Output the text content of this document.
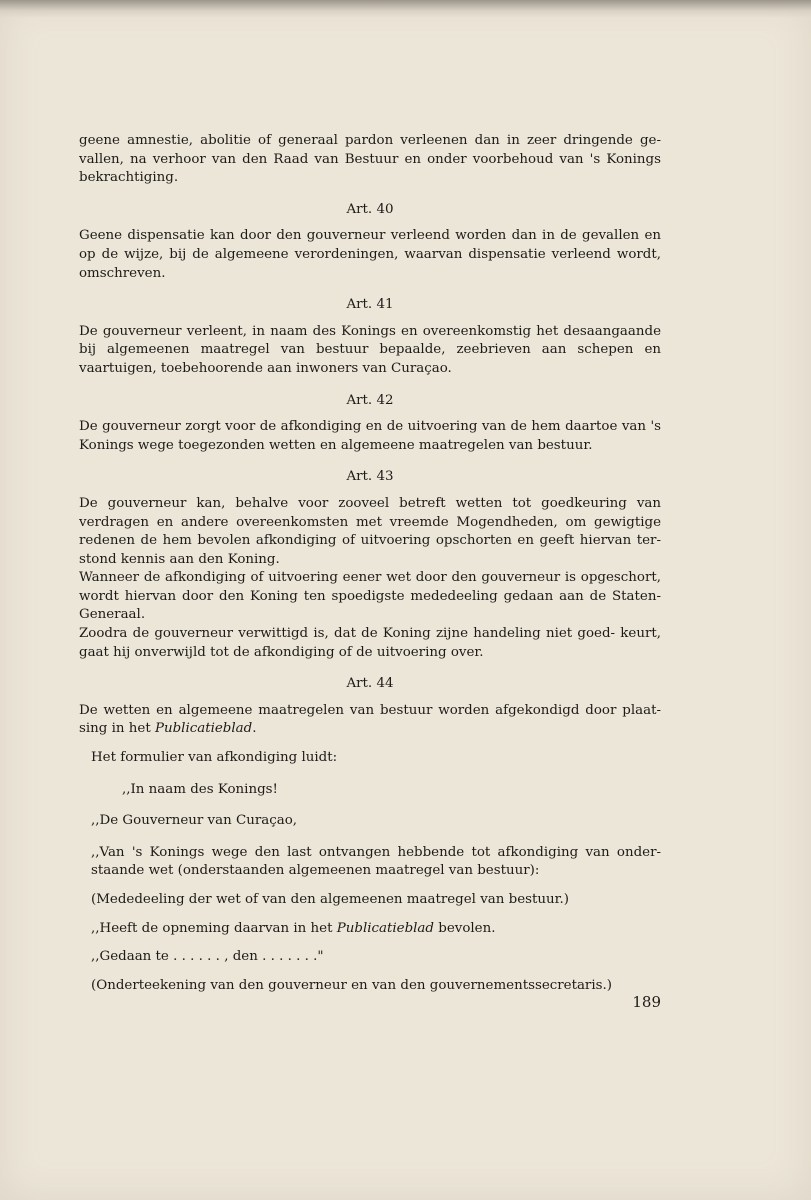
geene amnestie, abolitie of generaal pardon verleenen dan in zeer dringende ge- vallen, na verhoor van den Raad van Bestuur en onder voorbehoud van 's Konings bekrachtiging.

Art. 40

Geene dispensatie kan door den gouverneur verleend worden dan in de gevallen en op de wijze, bij de algemeene verordeningen, waarvan dispensatie verleend wordt, omschreven.

Art. 41

De gouverneur verleent, in naam des Konings en overeenkomstig het desaangaande bij algemeenen maatregel van bestuur bepaalde, zeebrieven aan schepen en vaartuigen, toebehoorende aan inwoners van Curaçao.

Art. 42

De gouverneur zorgt voor de afkondiging en de uitvoering van de hem daartoe van 's Konings wege toegezonden wetten en algemeene maatregelen van bestuur.

Art. 43

De gouverneur kan, behalve voor zooveel betreft wetten tot goedkeuring van verdragen en andere overeenkomsten met vreemde Mogendheden, om gewigtige redenen de hem bevolen afkondiging of uitvoering opschorten en geeft hiervan ter- stond kennis aan den Koning.

Wanneer de afkondiging of uitvoering eener wet door den gouverneur is opgeschort, wordt hiervan door den Koning ten spoedigste mededeeling gedaan aan de Staten- Generaal.

Zoodra de gouverneur verwittigd is, dat de Koning zijne handeling niet goed- keurt, gaat hij onverwijld tot de afkondiging of de uitvoering over.

Art. 44

De wetten en algemeene maatregelen van bestuur worden afgekondigd door plaat- sing in het Publicatieblad.

Het formulier van afkondiging luidt:

,,In naam des Konings!

,,De Gouverneur van Curaçao,

,,Van 's Konings wege den last ontvangen hebbende tot afkondiging van onder- staande wet (onderstaanden algemeenen maatregel van bestuur):

(Mededeeling der wet of van den algemeenen maatregel van bestuur.)

,,Heeft de opneming daarvan in het Publicatieblad bevolen.

,,Gedaan te . . . . . . , den . . . . . . ."

(Onderteekening van den gouverneur en van den gouvernementssecretaris.)

189
